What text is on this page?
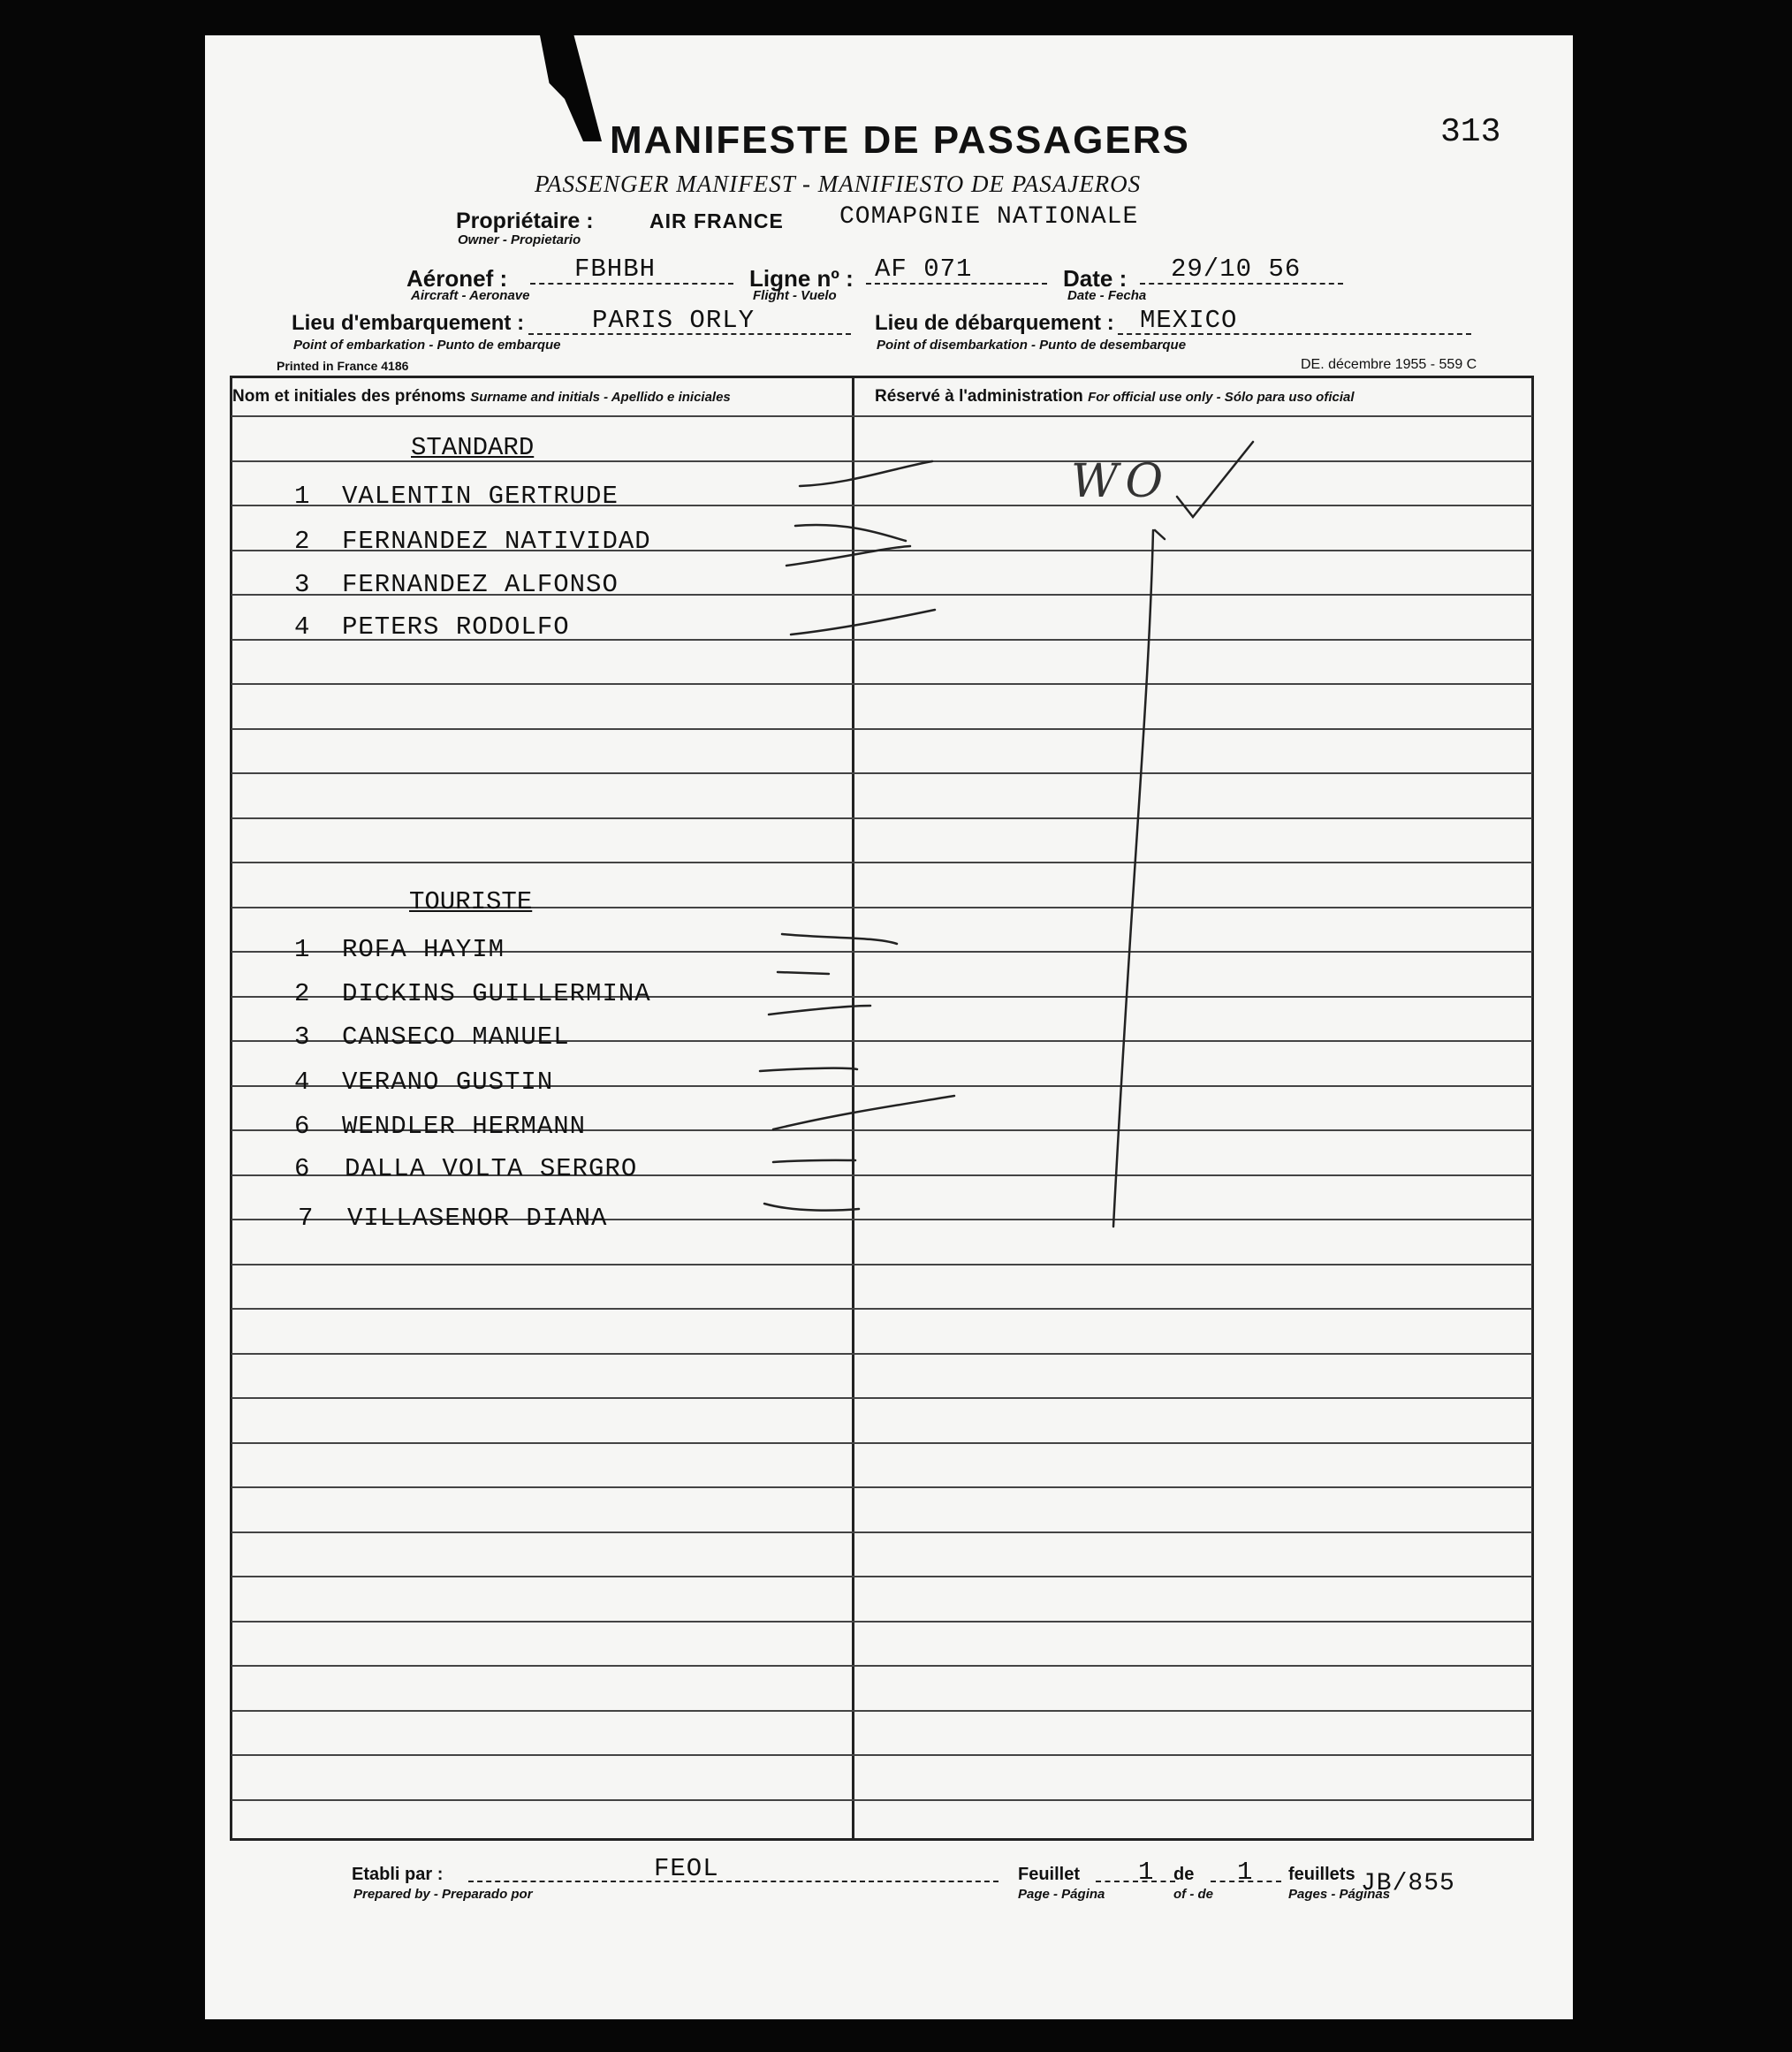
MANIFESTE DE PASSAGERS	313
PASSENGER MANIFEST - MANIFIESTO DE PASAJEROS
Propriétaire :	AIR FRANCE COMAPGNIE NATIONALE
Owner - Propietario
Aéronef :	FBHBH
Aircraft - Aeronave
Ligne nº : AF 071
Flight - Vuelo
Date : 29/10 56
Date - Fecha
Lieu d'embarquement :	PARIS ORLY
Point of embarkation - Punto de embarque
Lieu de débarquement : MEXICO
Point of disembarkation - Punto de desembarque
Printed in France 4186	DE. décembre 1955 - 559 C
Nom et initiales des prénoms Surname and initials - Apellido e iniciales	Réservé à l'administration For official use only - Sólo para uso oficial
STANDARD
1 VALENTIN GERTRUDE
2 FERNANDEZ NATIVIDAD
3 FERNANDEZ ALFONSO
4 PETERS RODOLFO
TOURISTE
1 ROFA HAYIM
2 DICKINS GUILLERMINA
3 CANSECO MANUEL
4 VERANO GUSTIN
6 WENDLER HERMANN
6 DALLA VOLTA SERGRO
7 VILLASENOR DIANA
WO
Etabli par :
Prepared by - Preparado por
FEOL	Feuillet
Page - Página
1 de
of - de
1 feuillets
Pages - Páginas
JB/855
